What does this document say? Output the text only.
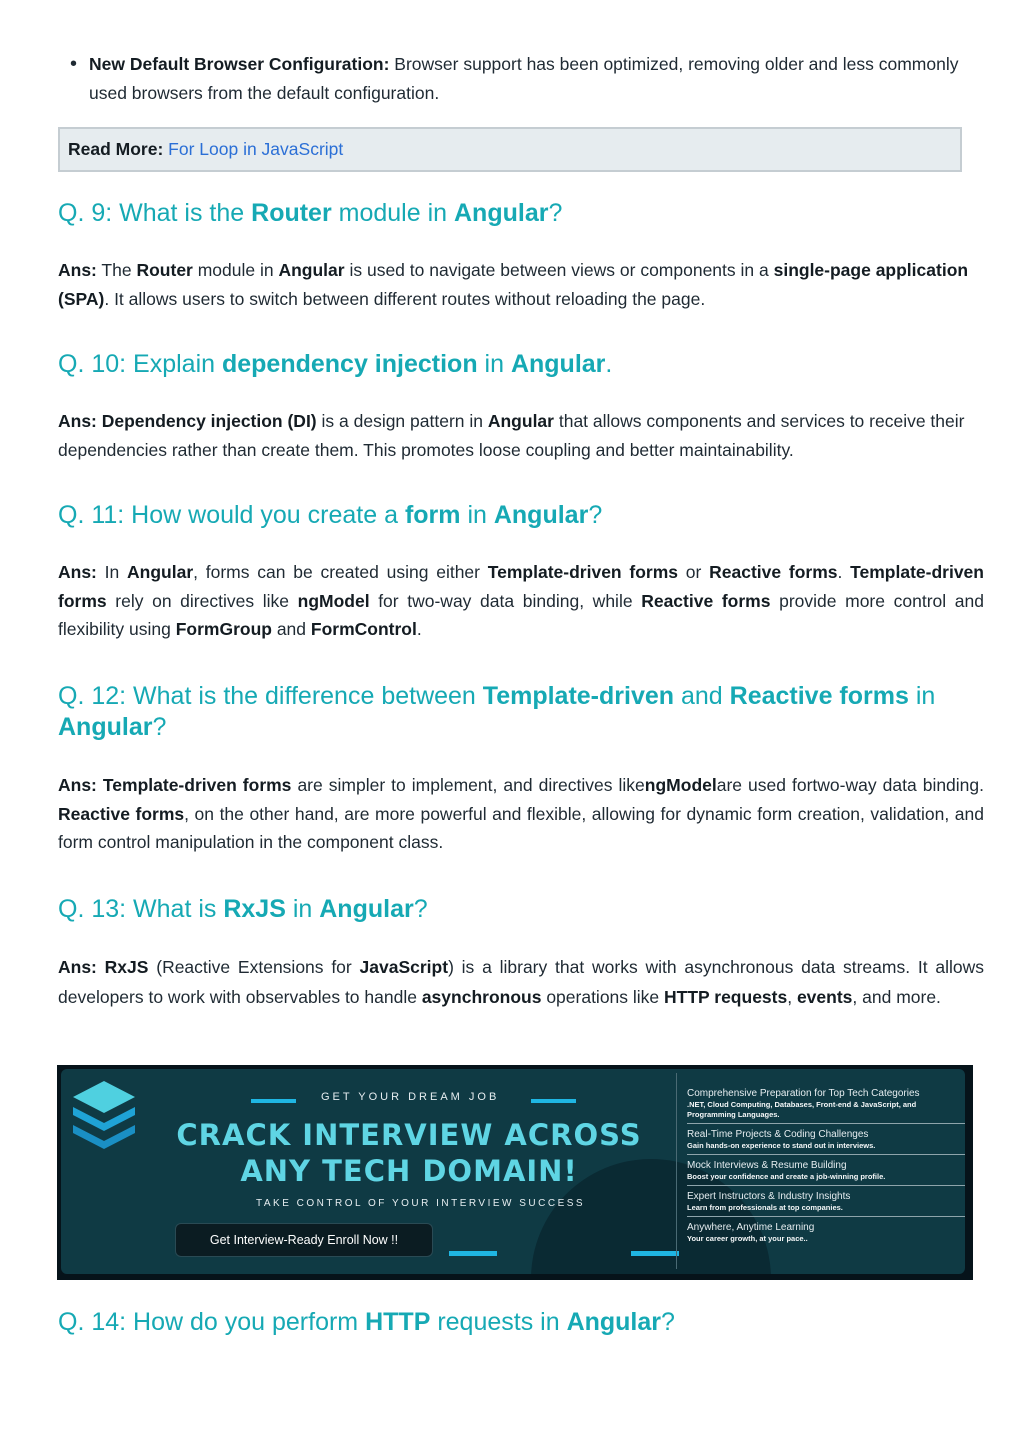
• New Default Browser Configuration: Browser support has been optimized, removing older and less commonly used browsers from the default configuration.
Read More: For Loop in JavaScript
Q. 9: What is the Router module in Angular?
Ans: The Router module in Angular is used to navigate between views or components in a single-page application (SPA). It allows users to switch between different routes without reloading the page.
Q. 10: Explain dependency injection in Angular.
Ans: Dependency injection (DI) is a design pattern in Angular that allows components and services to receive their dependencies rather than create them. This promotes loose coupling and better maintainability.
Q. 11: How would you create a form in Angular?
Ans: In Angular, forms can be created using either Template-driven forms or Reactive forms. Template-driven forms rely on directives like ngModel for two-way data binding, while Reactive forms provide more control and flexibility using FormGroup and FormControl.
Q. 12: What is the difference between Template-driven and Reactive forms in Angular?
Ans: Template-driven forms are simpler to implement, and directives likengModelare used fortwo-way data binding. Reactive forms, on the other hand, are more powerful and flexible, allowing for dynamic form creation, validation, and form control manipulation in the component class.
Q. 13: What is RxJS in Angular?
Ans: RxJS (Reactive Extensions for JavaScript) is a library that works with asynchronous data streams. It allows developers to work with observables to handle asynchronous operations like HTTP requests, events, and more.
GET YOUR DREAM JOB
CRACK INTERVIEW ACROSS
ANY TECH DOMAIN!
TAKE CONTROL OF YOUR INTERVIEW SUCCESS
Get Interview-Ready Enroll Now !!
Comprehensive Preparation for Top Tech Categories
.NET, Cloud Computing, Databases, Front-end & JavaScript, and Programming Languages.
Real-Time Projects & Coding Challenges
Gain hands-on experience to stand out in interviews.
Mock Interviews & Resume Building
Boost your confidence and create a job-winning profile.
Expert Instructors & Industry Insights
Learn from professionals at top companies.
Anywhere, Anytime Learning
Your career growth, at your pace..
Q. 14: How do you perform HTTP requests in Angular?
